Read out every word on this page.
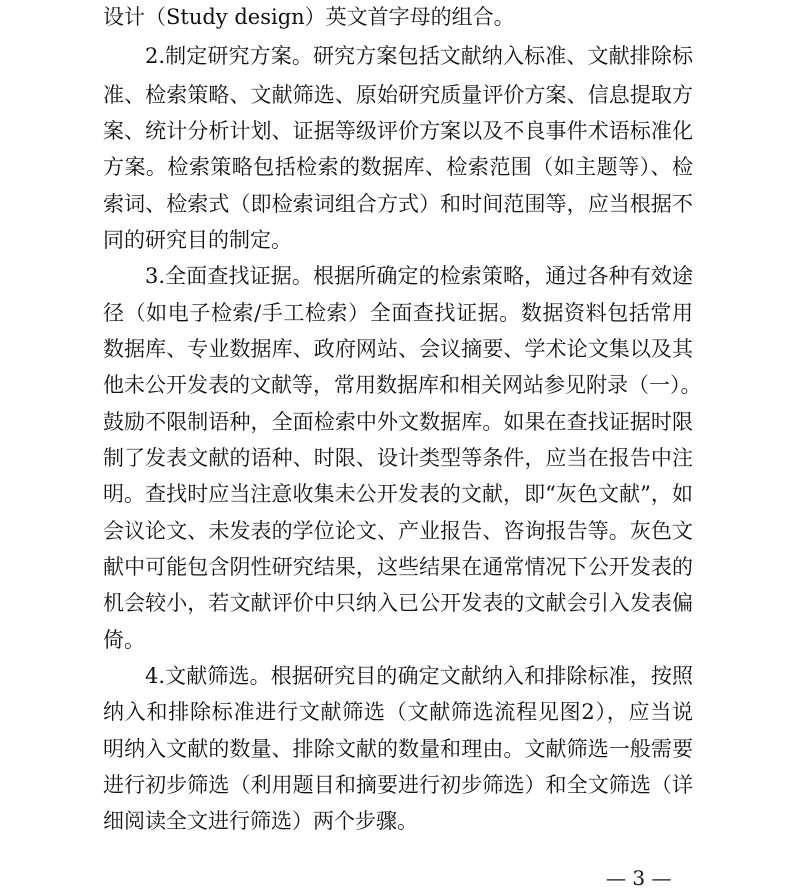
设计（Study design）英文首字母的组合。
2.制定研究方案。研究方案包括文献纳入标准、文献排除标
准、检索策略、文献筛选、原始研究质量评价方案、信息提取方
案、统计分析计划、证据等级评价方案以及不良事件术语标准化
方案。检索策略包括检索的数据库、检索范围（如主题等）、检
索词、检索式（即检索词组合方式）和时间范围等，应当根据不
同的研究目的制定。
3.全面查找证据。根据所确定的检索策略，通过各种有效途
径（如电子检索/手工检索）全面查找证据。数据资料包括常用
数据库、专业数据库、政府网站、会议摘要、学术论文集以及其
他未公开发表的文献等，常用数据库和相关网站参见附录（一）。
鼓励不限制语种，全面检索中外文数据库。如果在查找证据时限
制了发表文献的语种、时限、设计类型等条件，应当在报告中注
明。查找时应当注意收集未公开发表的文献，即“灰色文献”，如
会议论文、未发表的学位论文、产业报告、咨询报告等。灰色文
献中可能包含阴性研究结果，这些结果在通常情况下公开发表的
机会较小，若文献评价中只纳入已公开发表的文献会引入发表偏
倚。
4.文献筛选。根据研究目的确定文献纳入和排除标准，按照
纳入和排除标准进行文献筛选（文献筛选流程见图2），应当说
明纳入文献的数量、排除文献的数量和理由。文献筛选一般需要
进行初步筛选（利用题目和摘要进行初步筛选）和全文筛选（详
细阅读全文进行筛选）两个步骤。
— 3 —
